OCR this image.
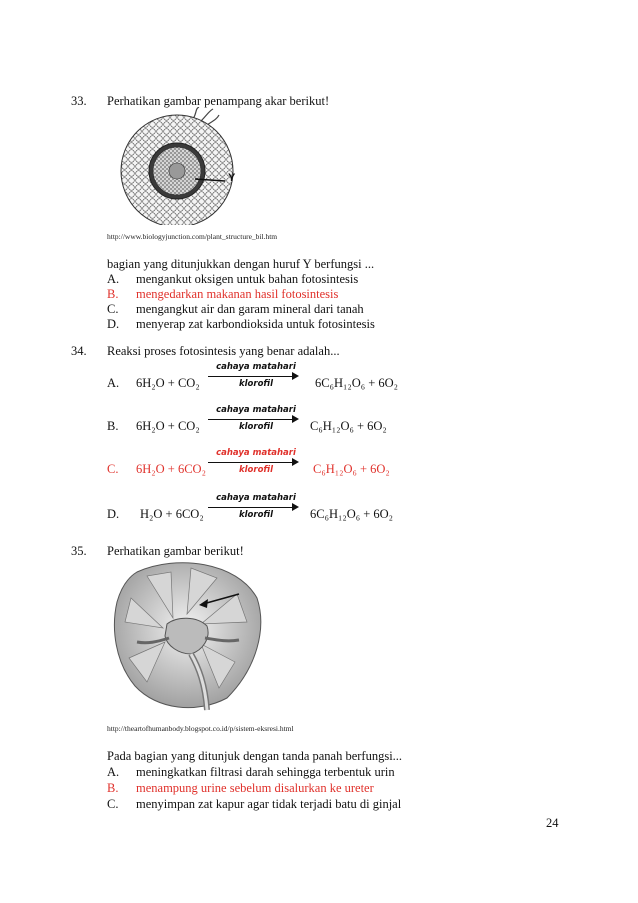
33. Perhatikan gambar penampang akar berikut!
Y
http://www.biologyjunction.com/plant_structure_bil.htm
bagian yang ditunjukkan dengan huruf Y berfungsi ...
A. mengankut oksigen untuk bahan fotosintesis
B. mengedarkan makanan hasil fotosintesis
C. mengangkut air dan garam mineral dari tanah
D. menyerap zat karbondioksida untuk fotosintesis
34. Reaksi proses fotosintesis yang benar adalah...
A. 6H₂O + CO₂
cahaya matahari
klorofil	6C₆H₁₂O₆ + 6O₂
B. 6H₂O + CO₂
cahaya matahari
klorofil	C₆H₁₂O₆ + 6O₂
C. 6H₂O + 6CO₂
cahaya matahari
klorofil	C₆H₁₂O₆ + 6O₂
D. H₂O + 6CO₂
cahaya matahari
klorofil	6C₆H₁₂O₆ + 6O₂
35. Perhatikan gambar berikut!
http://theartofhumanbody.blogspot.co.id/p/sistem-eksresi.html
Pada bagian yang ditunjuk dengan tanda panah berfungsi...
A. meningkatkan filtrasi darah sehingga terbentuk urin
B. menampung urine sebelum disalurkan ke ureter
C. menyimpan zat kapur agar tidak terjadi batu di ginjal
24
